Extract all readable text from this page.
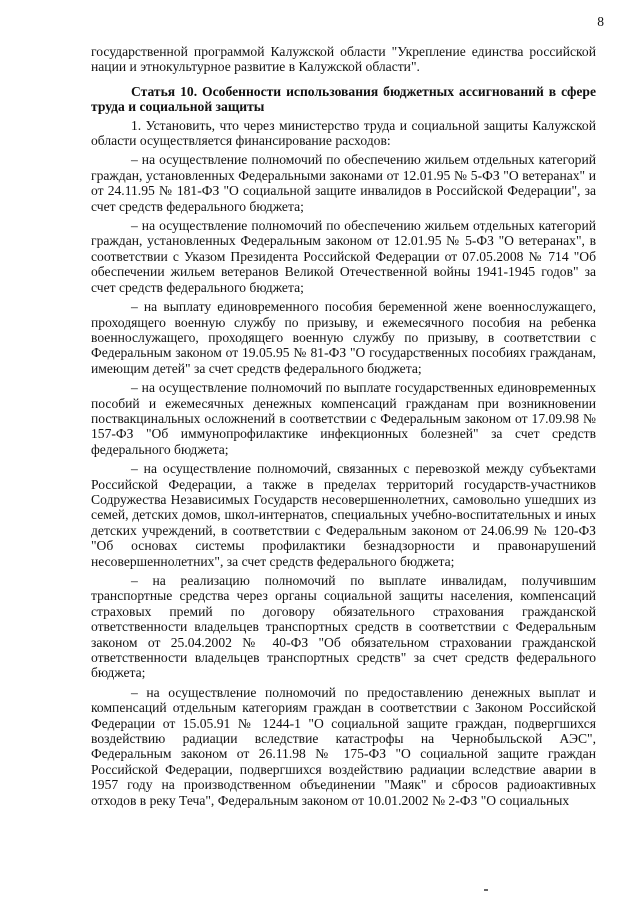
8

государственной программой Калужской области "Укрепление единства российской нации и этнокультурное развитие в Калужской области".

Статья 10. Особенности использования бюджетных ассигнований в сфере труда и социальной защиты

1. Установить, что через министерство труда и социальной защиты Калужской области осуществляется финансирование расходов:

– на осуществление полномочий по обеспечению жильем отдельных категорий граждан, установленных Федеральными законами от 12.01.95 № 5-ФЗ "О ветеранах" и от 24.11.95 № 181-ФЗ "О социальной защите инвалидов в Российской Федерации", за счет средств федерального бюджета;

– на осуществление полномочий по обеспечению жильем отдельных категорий граждан, установленных Федеральным законом от 12.01.95 № 5-ФЗ "О ветеранах", в соответствии с Указом Президента Российской Федерации от 07.05.2008 № 714 "Об обеспечении жильем ветеранов Великой Отечественной войны 1941-1945 годов" за счет средств федерального бюджета;

– на выплату единовременного пособия беременной жене военнослужащего, проходящего военную службу по призыву, и ежемесячного пособия на ребенка военнослужащего, проходящего военную службу по призыву, в соответствии с Федеральным законом от 19.05.95 № 81-ФЗ "О государственных пособиях гражданам, имеющим детей" за счет средств федерального бюджета;

– на осуществление полномочий по выплате государственных единовременных пособий и ежемесячных денежных компенсаций гражданам при возникновении поствакцинальных осложнений в соответствии с Федеральным законом от 17.09.98 № 157-ФЗ "Об иммунопрофилактике инфекционных болезней" за счет средств федерального бюджета;

– на осуществление полномочий, связанных с перевозкой между субъектами Российской Федерации, а также в пределах территорий государств-участников Содружества Независимых Государств несовершеннолетних, самовольно ушедших из семей, детских домов, школ-интернатов, специальных учебно-воспитательных и иных детских учреждений, в соответствии с Федеральным законом от 24.06.99 № 120-ФЗ "Об основах системы профилактики безнадзорности и правонарушений несовершеннолетних", за счет средств федерального бюджета;

– на реализацию полномочий по выплате инвалидам, получившим транспортные средства через органы социальной защиты населения, компенсаций страховых премий по договору обязательного страхования гражданской ответственности владельцев транспортных средств в соответствии с Федеральным законом от 25.04.2002 № 40-ФЗ "Об обязательном страховании гражданской ответственности владельцев транспортных средств" за счет средств федерального бюджета;

– на осуществление полномочий по предоставлению денежных выплат и компенсаций отдельным категориям граждан в соответствии с Законом Российской Федерации от 15.05.91 № 1244-1 "О социальной защите граждан, подвергшихся воздействию радиации вследствие катастрофы на Чернобыльской АЭС", Федеральным законом от 26.11.98 № 175-ФЗ "О социальной защите граждан Российской Федерации, подвергшихся воздействию радиации вследствие аварии в 1957 году на производственном объединении "Маяк" и сбросов радиоактивных отходов в реку Теча", Федеральным законом от 10.01.2002 № 2-ФЗ "О социальных
